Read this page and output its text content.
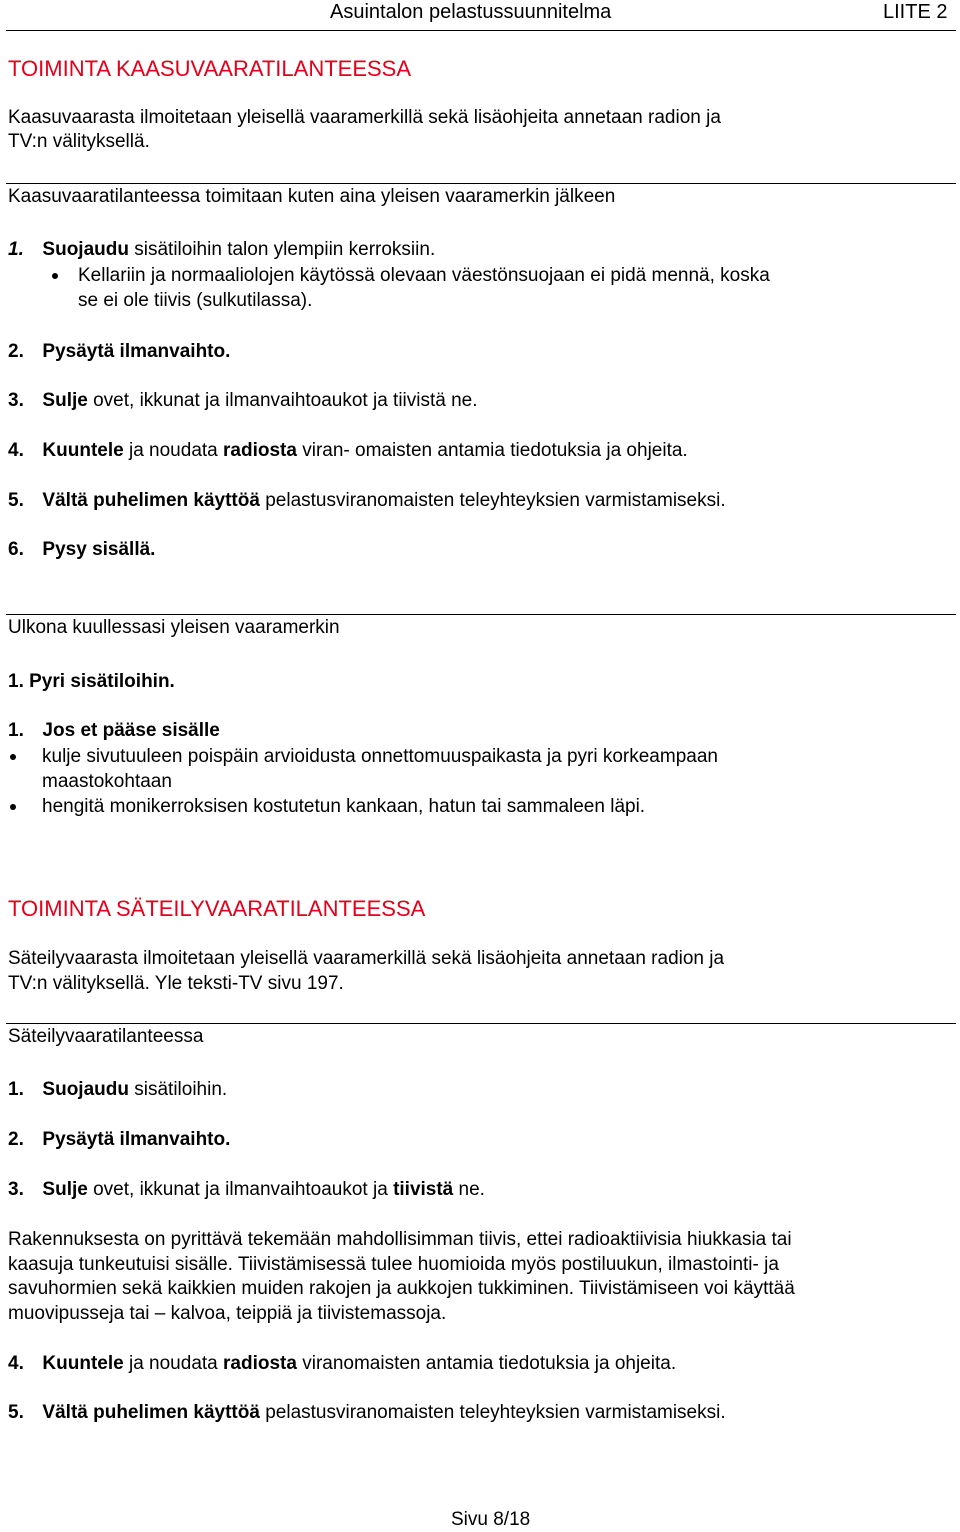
Asuintalon pelastussuunnitelma	LIITE 2
TOIMINTA KAASUVAARATILANTEESSA
Kaasuvaarasta ilmoitetaan yleisellä vaaramerkillä sekä lisäohjeita annetaan radion ja
TV:n välityksellä.
Kaasuvaaratilanteessa toimitaan kuten aina yleisen vaaramerkin jälkeen
1. Suojaudu sisätiloihin talon ylempiin kerroksiin.
Kellariin ja normaaliolojen käytössä olevaan väestönsuojaan ei pidä mennä, koska
se ei ole tiivis (sulkutilassa).
2. Pysäytä ilmanvaihto.
3. Sulje ovet, ikkunat ja ilmanvaihtoaukot ja tiivistä ne.
4. Kuuntele ja noudata radiosta viran- omaisten antamia tiedotuksia ja ohjeita.
5. Vältä puhelimen käyttöä pelastusviranomaisten teleyhteyksien varmistamiseksi.
6. Pysy sisällä.
Ulkona kuullessasi yleisen vaaramerkin
1. Pyri sisätiloihin.
1. Jos et pääse sisälle
kulje sivutuuleen poispäin arvioidusta onnettomuuspaikasta ja pyri korkeampaan
maastokohtaan
hengitä monikerroksisen kostutetun kankaan, hatun tai sammaleen läpi.
TOIMINTA SÄTEILYVAARATILANTEESSA
Säteilyvaarasta ilmoitetaan yleisellä vaaramerkillä sekä lisäohjeita annetaan radion ja
TV:n välityksellä. Yle teksti-TV sivu 197.
Säteilyvaaratilanteessa
1. Suojaudu sisätiloihin.
2. Pysäytä ilmanvaihto.
3. Sulje ovet, ikkunat ja ilmanvaihtoaukot ja tiivistä ne.
Rakennuksesta on pyrittävä tekemään mahdollisimman tiivis, ettei radioaktiivisia hiukkasia tai
kaasuja tunkeutuisi sisälle. Tiivistämisessä tulee huomioida myös postiluukun, ilmastointi- ja
savuhormien sekä kaikkien muiden rakojen ja aukkojen tukkiminen. Tiivistämiseen voi käyttää
muovipusseja tai – kalvoa, teippiä ja tiivistemassoja.
4. Kuuntele ja noudata radiosta viranomaisten antamia tiedotuksia ja ohjeita.
5. Vältä puhelimen käyttöä pelastusviranomaisten teleyhteyksien varmistamiseksi.
Sivu 8/18
